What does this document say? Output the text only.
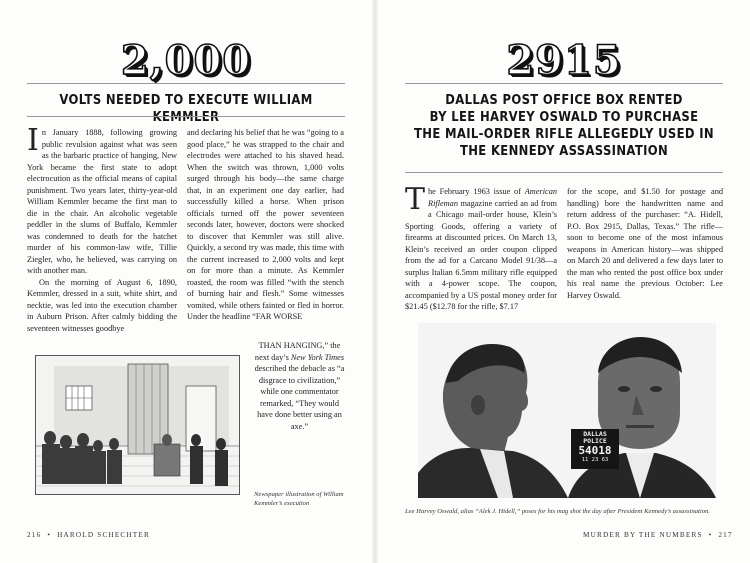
2,000
VOLTS NEEDED TO EXECUTE WILLIAM KEMMLER
I n January 1888, following growing public revulsion against what was seen as the barbaric practice of hanging, New York became the first state to adopt electrocution as the official means of capital punishment. Two years later, thirty-year-old William Kemmler became the first man to die in the chair. An alcoholic vegetable peddler in the slums of Buffalo, Kemmler was condemned to death for the hatchet murder of his common-law wife, Tillie Ziegler, who, he believed, was carrying on with another man.
On the morning of August 6, 1890, Kemmler, dressed in a suit, white shirt, and necktie, was led into the execution chamber in Auburn Prison. After calmly bidding the seventeen witnesses goodbye
and declaring his belief that he was “going to a good place,” he was strapped to the chair and electrodes were attached to his shaved head. When the switch was thrown, 1,000 volts surged through his body—the same charge that, in an experiment one day earlier, had successfully killed a horse. When prison officials turned off the power seventeen seconds later, however, doctors were shocked to discover that Kemmler was still alive. Quickly, a second try was made, this time with the current increased to 2,000 volts and kept on for more than a minute. As Kemmler roasted, the room was filled “with the stench of burning hair and flesh.” Some witnesses vomited, while others fainted or fled in horror. Under the headline “FAR WORSE
THAN HANGING,” the next day’s New York Times described the debacle as “a disgrace to civilization,” while one commentator remarked, “They would have done better using an axe.”
Newspaper illustration of William Kemmler’s execution
216 • HAROLD SCHECHTER
2915
DALLAS POST OFFICE BOX RENTED
BY LEE HARVEY OSWALD TO PURCHASE
THE MAIL-ORDER RIFLE ALLEGEDLY USED IN
THE KENNEDY ASSASSINATION
T he February 1963 issue of American Rifleman magazine carried an ad from a Chicago mail-order house, Klein’s Sporting Goods, offering a variety of firearms at discounted prices. On March 13, Klein’s received an order coupon clipped from the ad for a Carcano Model 91/38—a surplus Italian 6.5mm military rifle equipped with a 4-power scope. The coupon, accompanied by a US postal money order for $21.45 ($12.78 for the rifle, $7.17
for the scope, and $1.50 for postage and handling) bore the handwritten name and return address of the purchaser: “A. Hidell, P.O. Box 2915, Dallas, Texas.” The rifle—soon to become one of the most infamous weapons in American history—was shipped on March 20 and delivered a few days later to the man who rented the post office box under his real name the previous October: Lee Harvey Oswald.
Lee Harvey Oswald, alias “Alek J. Hidell,” poses for his mug shot the day after President Kennedy’s assassination.
MURDER BY THE NUMBERS • 217
DALLAS
POLICE
54018
11 23 63
